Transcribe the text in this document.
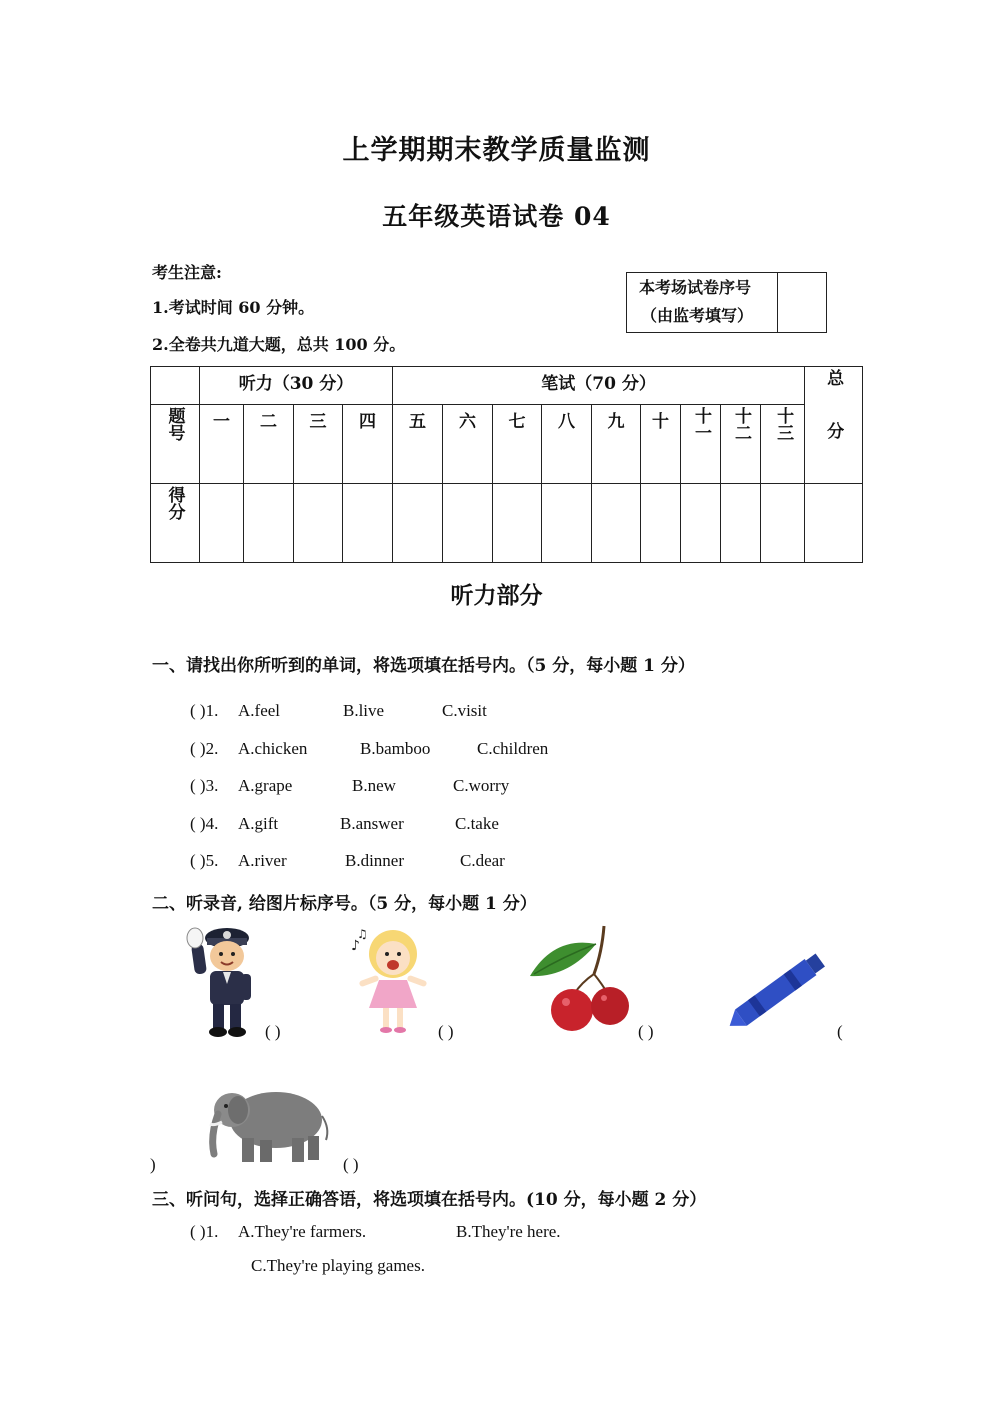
上学期期末教学质量监测
五年级英语试卷 04
考生注意:
1.考试时间 60 分钟。
2.全卷共九道大题，总共 100 分。
本考场试卷序号
（由监考填写）
	听力（30 分）				笔试（70 分）									总分

题号	一	二	三	四	五	六	七	八	九	十	十一	十二	十三	
得分														
听力部分
一、请找出你所听到的单词，将选项填在括号内。（5 分，每小题 1 分）
( )1. A.feel	B.live	C.visit
( )2. A.chicken	B.bamboo	C.children
( )3. A.grape	B.new	C.worry
( )4. A.gift	B.answer	C.take
( )5. A.river	B.dinner	C.dear
二、听录音, 给图片标序号。（5 分，每小题 1 分）
( )
♪
♫
( )	( )	(
)	( )
三、听问句，选择正确答语，将选项填在括号内。(10 分，每小题 2 分）
( )1. A.They're farmers.	B.They're here.
C.They're playing games.
